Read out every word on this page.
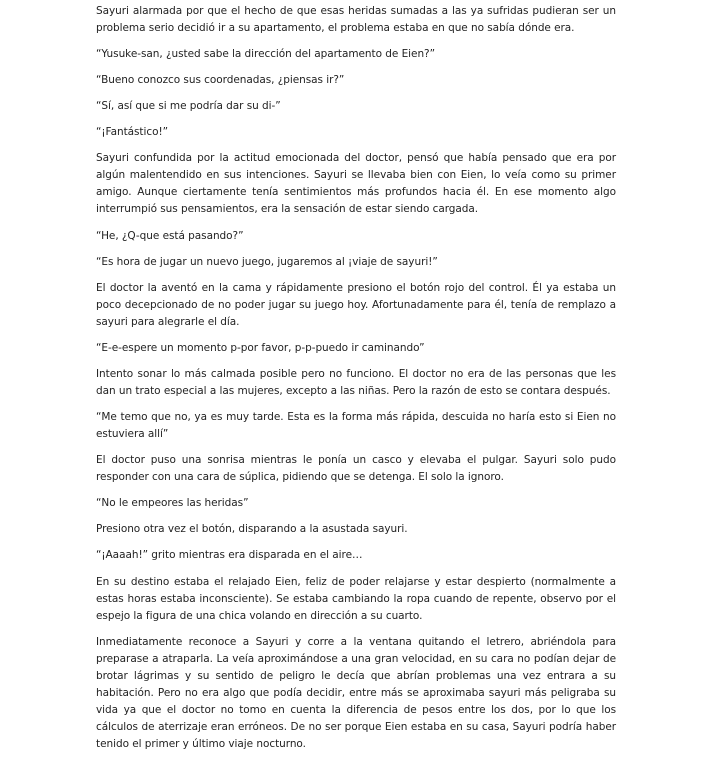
Sayuri alarmada por que el hecho de que esas heridas sumadas a las ya sufridas pudieran ser un problema serio decidió ir a su apartamento, el problema estaba en que no sabía dónde era.

“Yusuke-san, ¿usted sabe la dirección del apartamento de Eien?”

“Bueno conozco sus coordenadas, ¿piensas ir?”

“Sí, así que si me podría dar su di-”

“¡Fantástico!”

Sayuri confundida por la actitud emocionada del doctor, pensó que había pensado que era por algún malentendido en sus intenciones. Sayuri se llevaba bien con Eien, lo veía como su primer amigo. Aunque ciertamente tenía sentimientos más profundos hacia él. En ese momento algo interrumpió sus pensamientos, era la sensación de estar siendo cargada.

“He, ¿Q-que está pasando?”

“Es hora de jugar un nuevo juego, jugaremos al ¡viaje de sayuri!”

El doctor la aventó en la cama y rápidamente presiono el botón rojo del control. Él ya estaba un poco decepcionado de no poder jugar su juego hoy. Afortunadamente para él, tenía de remplazo a sayuri para alegrarle el día.

“E-e-espere un momento p-por favor, p-p-puedo ir caminando”

Intento sonar lo más calmada posible pero no funciono. El doctor no era de las personas que les dan un trato especial a las mujeres, excepto a las niñas. Pero la razón de esto se contara después.

“Me temo que no, ya es muy tarde. Esta es la forma más rápida, descuida no haría esto si Eien no estuviera allí”

El doctor puso una sonrisa mientras le ponía un casco y elevaba el pulgar. Sayuri solo pudo responder con una cara de súplica, pidiendo que se detenga. El solo la ignoro.

“No le empeores las heridas”

Presiono otra vez el botón, disparando a la asustada sayuri.

“¡Aaaah!” grito mientras era disparada en el aire…

En su destino estaba el relajado Eien, feliz de poder relajarse y estar despierto (normalmente a estas horas estaba inconsciente). Se estaba cambiando la ropa cuando de repente, observo por el espejo la figura de una chica volando en dirección a su cuarto.

Inmediatamente reconoce a Sayuri y corre a la ventana quitando el letrero, abriéndola para preparase a atraparla. La veía aproximándose a una gran velocidad, en su cara no podían dejar de brotar lágrimas y su sentido de peligro le decía que abrían problemas una vez entrara a su habitación. Pero no era algo que podía decidir, entre más se aproximaba sayuri más peligraba su vida ya que el doctor no tomo en cuenta la diferencia de pesos entre los dos, por lo que los cálculos de aterrizaje eran erróneos. De no ser porque Eien estaba en su casa, Sayuri podría haber tenido el primer y último viaje nocturno.
